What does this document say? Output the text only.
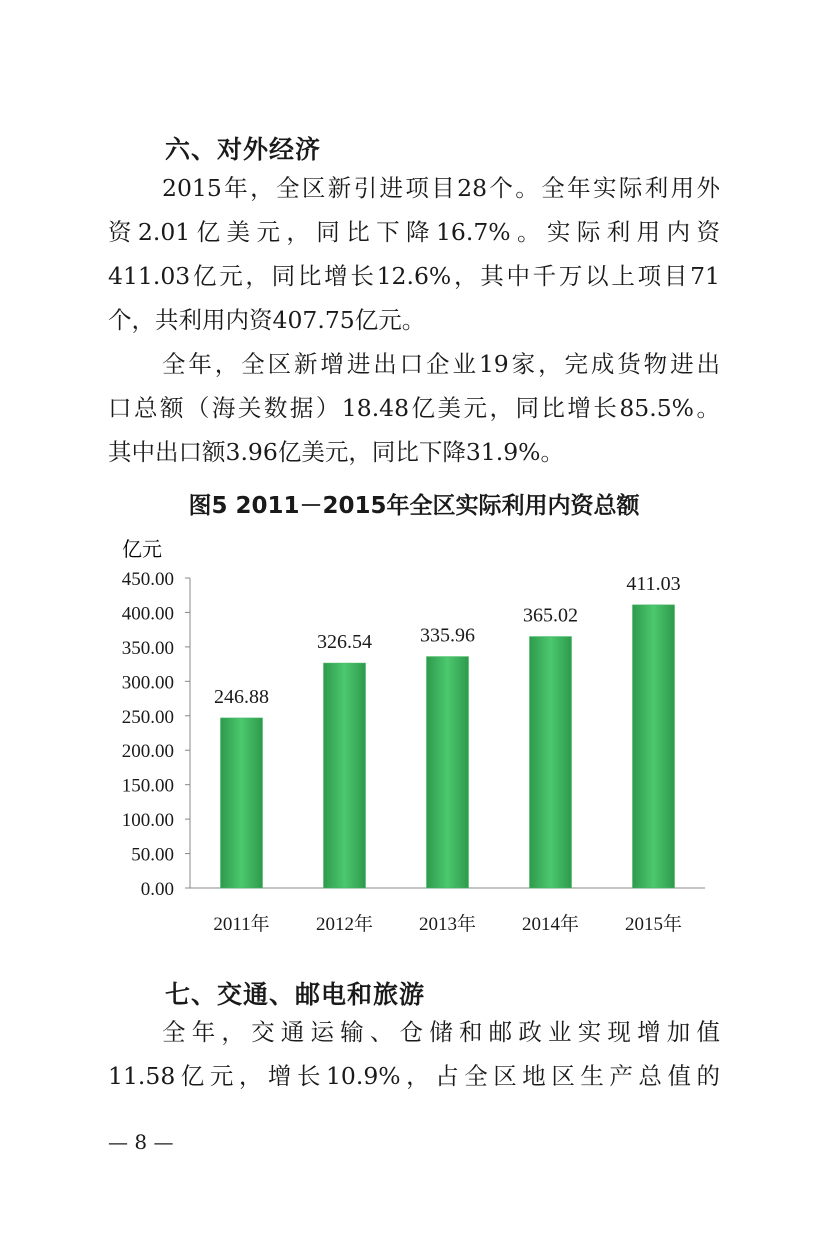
六、对外经济
2015年，全区新引进项目28个。全年实际利用外
资2.01亿美元，同比下降16.7%。实际利用内资
411.03亿元，同比增长12.6%，其中千万以上项目71
个，共利用内资407.75亿元。
全年，全区新增进出口企业19家，完成货物进出
口总额（海关数据）18.48亿美元，同比增长85.5%。
其中出口额3.96亿美元，同比下降31.9%。
图5 2011－2015年全区实际利用内资总额
亿元
0.00
50.00
100.00
150.00
200.00
250.00
300.00
350.00
400.00
450.00
246.88
326.54 335.96
365.02
411.03
2011年 2012年 2013年 2014年 2015年
七、交通、邮电和旅游
全年，交通运输、仓储和邮政业实现增加值
11.58亿元，增长10.9%，占全区地区生产总值的
— 8 —
